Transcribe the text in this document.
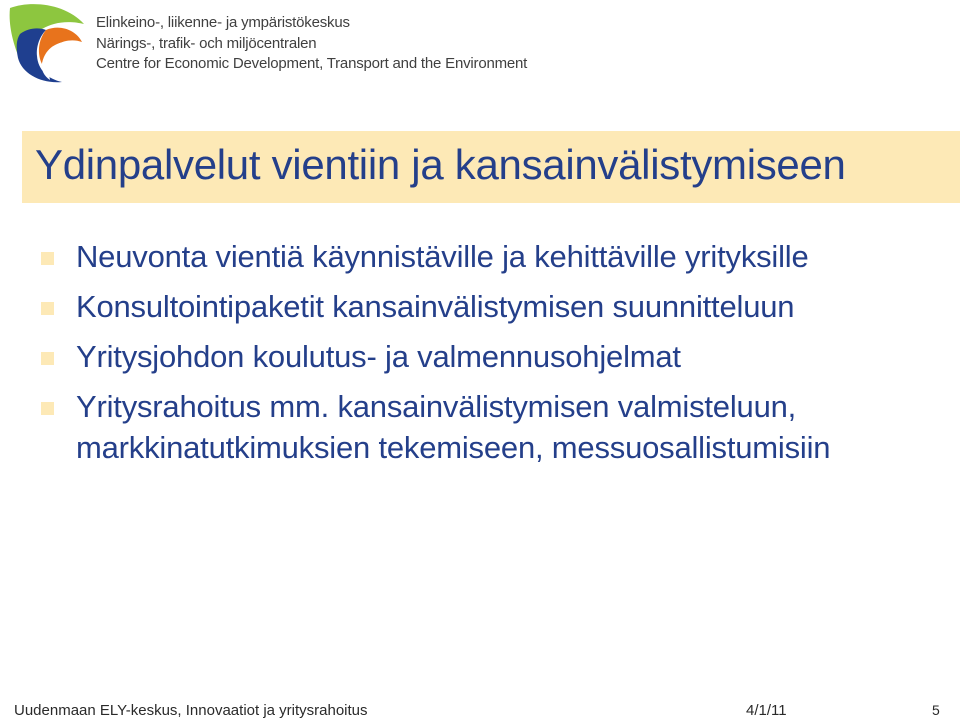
Elinkeino-, liikenne- ja ympäristökeskus
Närings-, trafik- och miljöcentralen
Centre for Economic Development, Transport and the Environment
Ydinpalvelut vientiin ja kansainvälistymiseen
Neuvonta vientiä käynnistäville ja kehittäville yrityksille
Konsultointipaketit kansainvälistymisen suunnitteluun
Yritysjohdon koulutus- ja valmennusohjelmat
Yritysrahoitus mm. kansainvälistymisen valmisteluun, markkinatutkimuksien tekemiseen, messuosallistumisiin
Uudenmaan ELY-keskus, Innovaatiot ja yritysrahoitus	4/1/11	5
